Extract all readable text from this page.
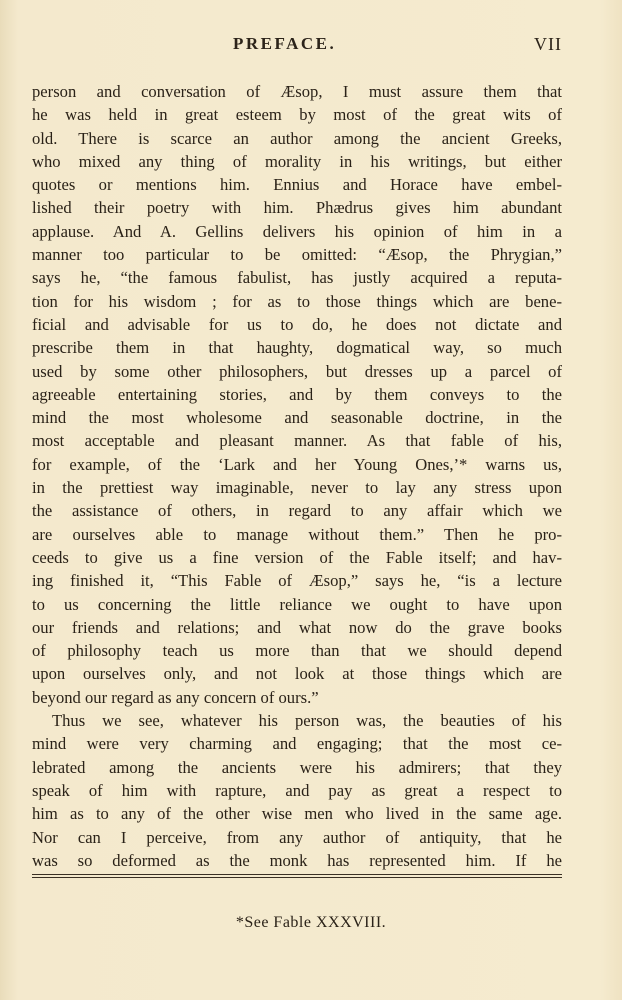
PREFACE.	VII
person and conversation of Æsop, I must assure them that
he was held in great esteem by most of the great wits of
old. There is scarce an author among the ancient Greeks,
who mixed any thing of morality in his writings, but either
quotes or mentions him. Ennius and Horace have embel-
lished their poetry with him. Phædrus gives him abundant
applause. And A. Gellins delivers his opinion of him in a
manner too particular to be omitted: “Æsop, the Phrygian,”
says he, “the famous fabulist, has justly acquired a reputa-
tion for his wisdom ; for as to those things which are bene-
ficial and advisable for us to do, he does not dictate and
prescribe them in that haughty, dogmatical way, so much
used by some other philosophers, but dresses up a parcel of
agreeable entertaining stories, and by them conveys to the
mind the most wholesome and seasonable doctrine, in the
most acceptable and pleasant manner. As that fable of his,
for example, of the ‘Lark and her Young Ones,’* warns us,
in the prettiest way imaginable, never to lay any stress upon
the assistance of others, in regard to any affair which we
are ourselves able to manage without them.” Then he pro-
ceeds to give us a fine version of the Fable itself; and hav-
ing finished it, “This Fable of Æsop,” says he, “is a lecture
to us concerning the little reliance we ought to have upon
our friends and relations; and what now do the grave books
of philosophy teach us more than that we should depend
upon ourselves only, and not look at those things which are
beyond our regard as any concern of ours.”
Thus we see, whatever his person was, the beauties of his
mind were very charming and engaging; that the most ce-
lebrated among the ancients were his admirers; that they
speak of him with rapture, and pay as great a respect to
him as to any of the other wise men who lived in the same age.
Nor can I perceive, from any author of antiquity, that he
was so deformed as the monk has represented him. If he
*See Fable XXXVIII.
